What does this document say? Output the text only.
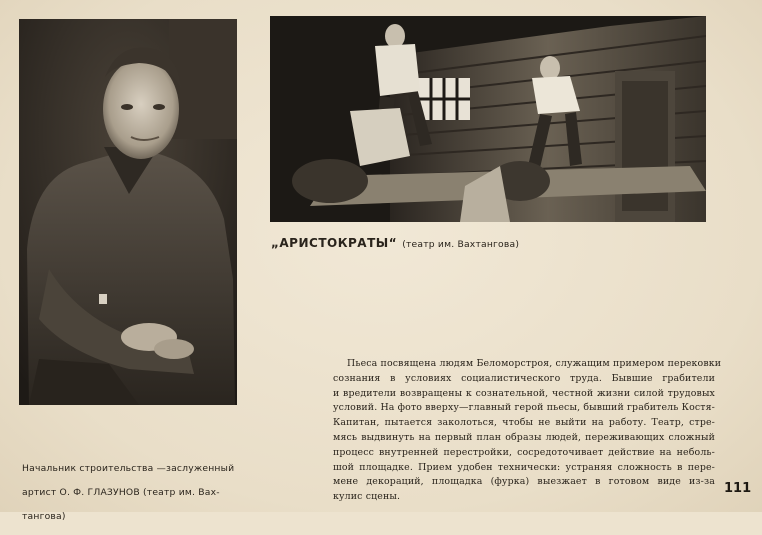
„АРИСТОКРАТЫ“ (театр им. Вахтангова)

Начальник строительства —заслуженный

артист О. Ф. ГЛАЗУНОВ (театр им. Вах-

тангова)

Пьеса посвящена людям Беломорстроя, служащим примером перековки
сознания в условиях социалистического труда. Бывшие грабители
и вредители возвращены к сознательной, честной жизни силой трудовых
условий. На фото вверху—главный герой пьесы, бывший грабитель Костя-
Капитан, пытается заколоться, чтобы не выйти на работу. Театр, стре-
мясь выдвинуть на первый план образы людей, переживающих сложный
процесс внутренней перестройки, сосредоточивает действие на неболь-
шой площадке. Прием удобен технически: устраняя сложность в пере-
мене декораций, площадка (фурка) выезжает в готовом виде из-за
кулис сцены.
111
